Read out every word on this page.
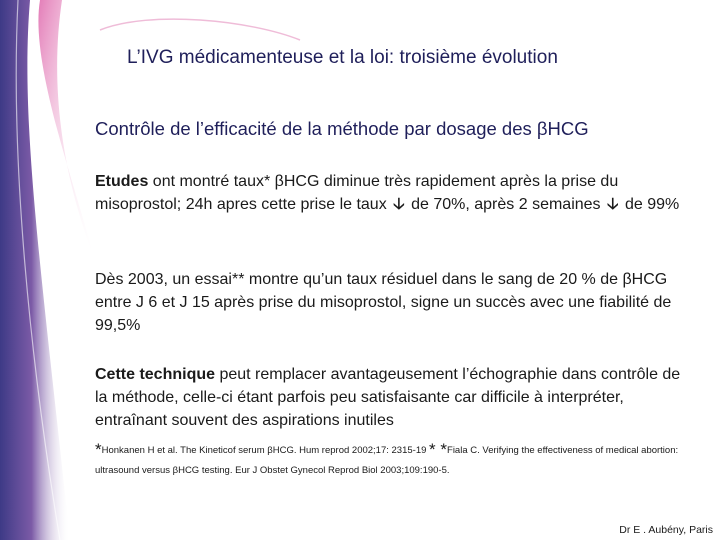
L’IVG médicamenteuse et la loi: troisième évolution
Contrôle de l’efficacité de la méthode par dosage des βHCG
Etudes ont montré taux* βHCG diminue très rapidement après la prise du misoprostol; 24h apres cette prise le taux 🡣 de 70%, après 2 semaines 🡣 de 99%
Dès 2003, un essai** montre qu’un taux résiduel dans le sang de 20 % de βHCG entre J 6 et J 15 après prise du misoprostol, signe un succès avec une fiabilité de 99,5%
Cette technique peut remplacer avantageusement l’échographie dans contrôle de la méthode, celle-ci étant parfois peu satisfaisante car difficile à interpréter, entraînant souvent des aspirations inutiles
*Honkanen H et al. The Kineticof serum βHCG. Hum reprod 2002;17: 2315-19 * *Fiala C. Verifying the effectiveness of medical abortion: ultrasound versus βHCG testing. Eur J Obstet Gynecol Reprod Biol 2003;109:190-5.
Dr E . Aubény, Paris
